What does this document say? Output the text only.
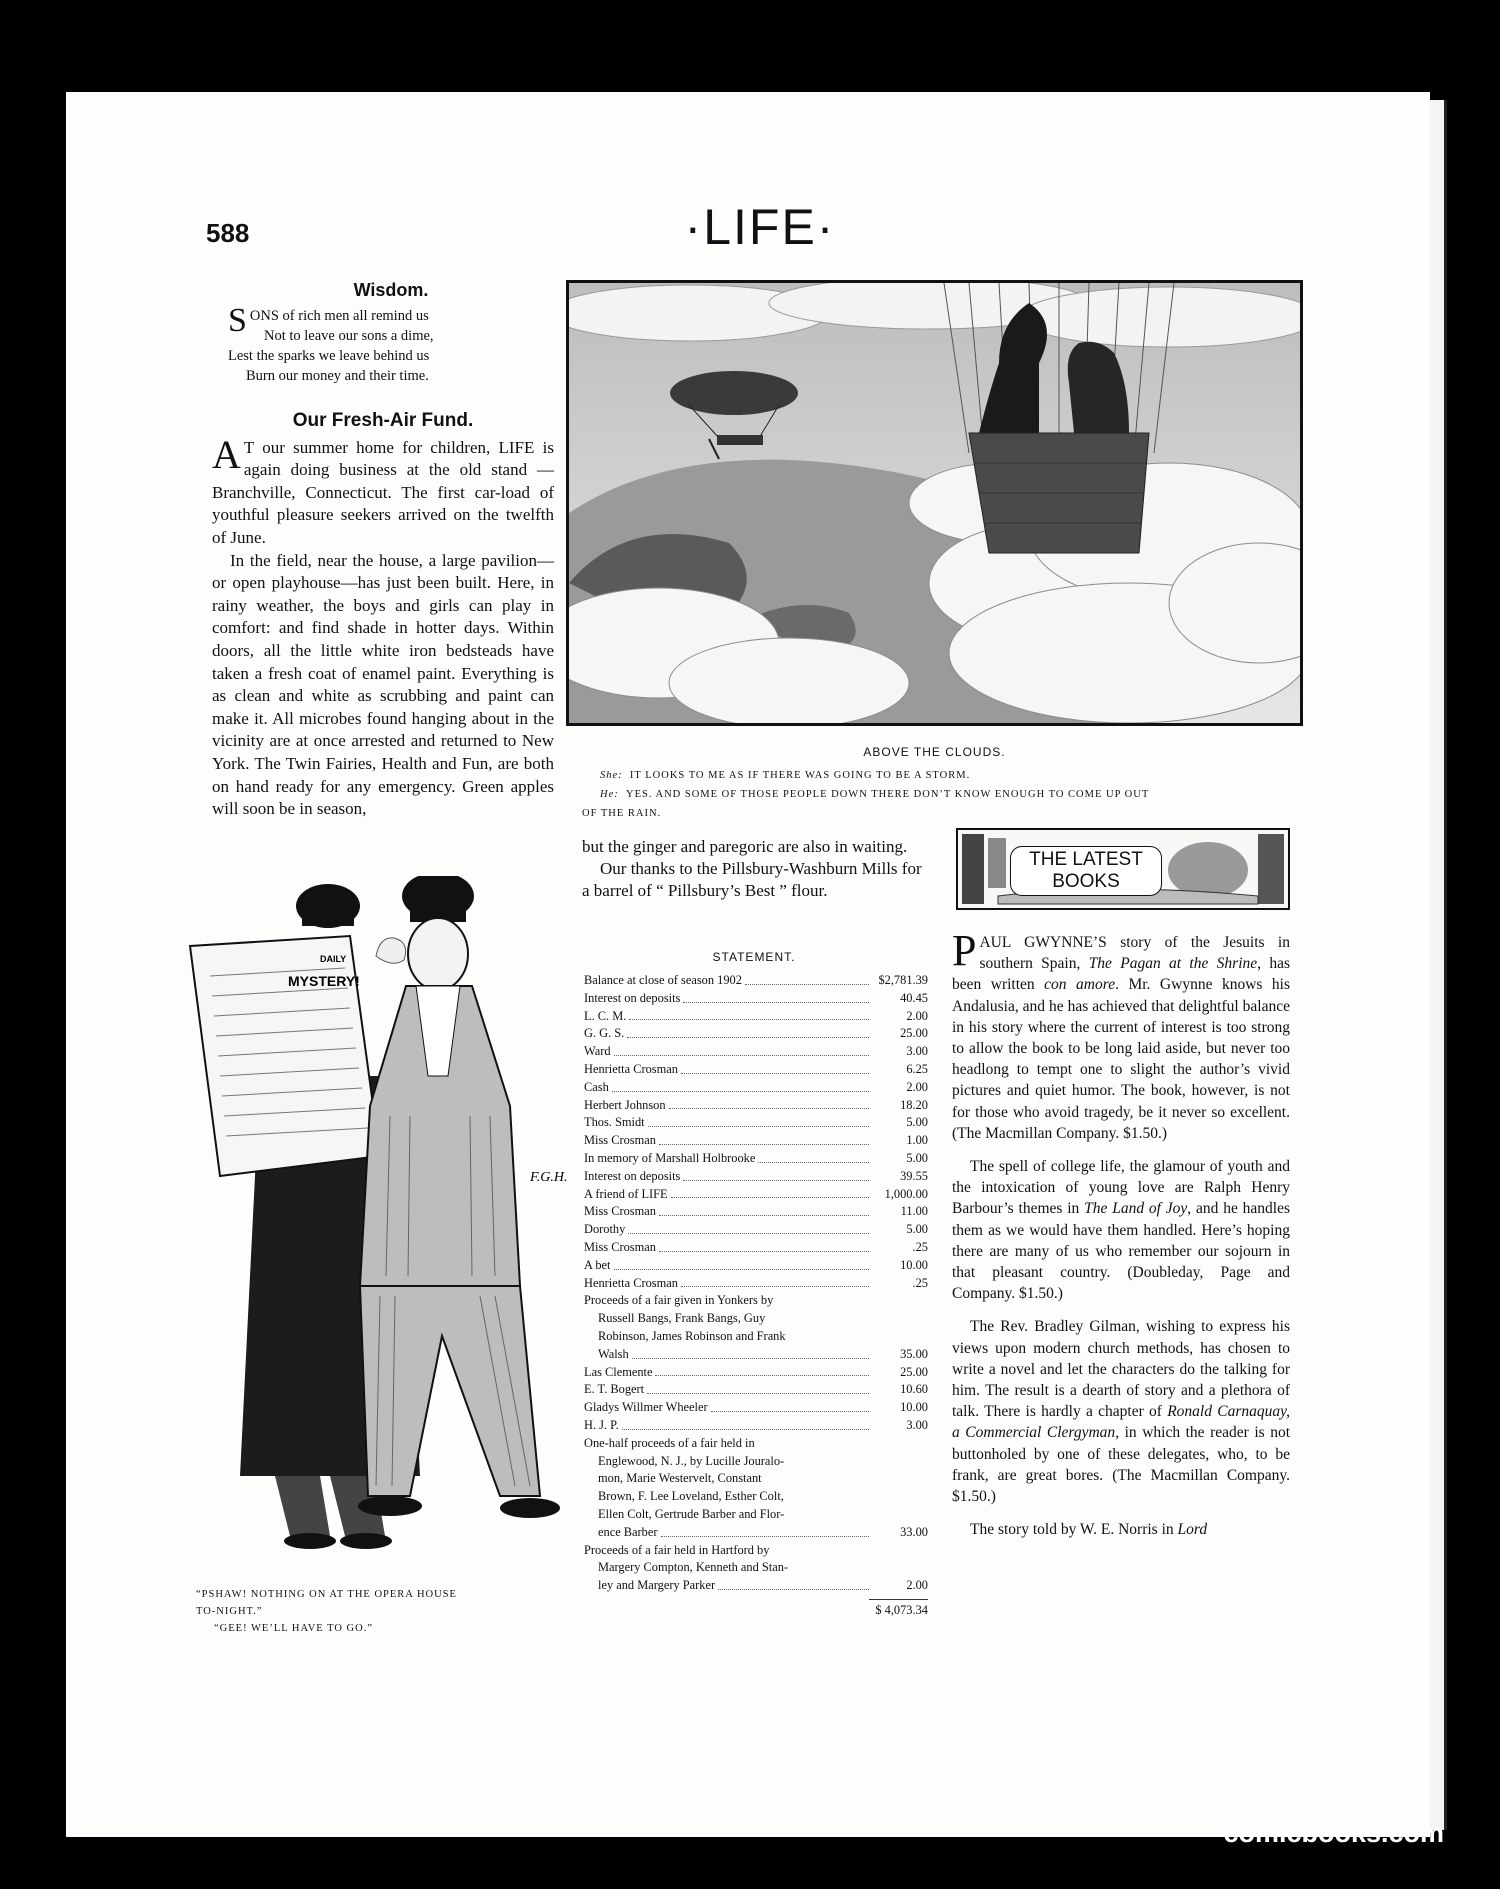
588	·LIFE·
Wisdom.
S ONS of rich men all remind us
Not to leave our sons a dime,
Lest the sparks we leave behind us
Burn our money and their time.
Our Fresh-Air Fund.

A T our summer home for children, LIFE is again doing business at the old stand — Branchville, Connecticut. The first car-load of youthful pleasure seekers arrived on the twelfth of June.

In the field, near the house, a large pavilion—or open playhouse—has just been built. Here, in rainy weather, the boys and girls can play in comfort: and find shade in hotter days. Within doors, all the little white iron bedsteads have taken a fresh coat of enamel paint. Everything is as clean and white as scrubbing and paint can make it. All microbes found hanging about in the vicinity are at once arrested and returned to New York. The Twin Fairies, Health and Fun, are both on hand ready for any emergency. Green apples will soon be in season,

but the ginger and paregoric are also in waiting.

Our thanks to the Pillsbury-Washburn Mills for a barrel of “ Pillsbury’s Best ” flour.

STATEMENT.
Balance at close of season 1902	$2,781.39
Interest on deposits	40.45
L. C. M.	2.00
G. G. S.	25.00
Ward	3.00
Henrietta Crosman	6.25
Cash	2.00
Herbert Johnson	18.20
Thos. Smidt	5.00
Miss Crosman	1.00
In memory of Marshall Holbrooke	5.00
Interest on deposits	39.55
A friend of LIFE	1,000.00
Miss Crosman	11.00
Dorothy	5.00
Miss Crosman	.25
A bet	10.00
Henrietta Crosman	.25
Proceeds of a fair given in Yonkers by
Russell Bangs, Frank Bangs, Guy
Robinson, James Robinson and Frank
Walsh	35.00
Las Clemente	25.00
E. T. Bogert	10.60
Gladys Willmer Wheeler	10.00
H. J. P.	3.00
One-half proceeds of a fair held in
Englewood, N. J., by Lucille Jouralo-
mon, Marie Westervelt, Constant
Brown, F. Lee Loveland, Esther Colt,
Ellen Colt, Gertrude Barber and Flor-
ence Barber	33.00
Proceeds of a fair held in Hartford by
Margery Compton, Kenneth and Stan-
ley and Margery Parker	2.00
$ 4,073.34
ABOVE THE CLOUDS.
She: IT LOOKS TO ME AS IF THERE WAS GOING TO BE A STORM.
He: YES. AND SOME OF THOSE PEOPLE DOWN THERE DON’T KNOW ENOUGH TO COME UP OUT
OF THE RAIN.
THE LATEST BOOKS

PAUL GWYNNE’S story of the Jesuits in southern Spain, The Pagan at the Shrine, has been written con amore. Mr. Gwynne knows his Andalusia, and he has achieved that delightful balance in his story where the current of interest is too strong to allow the book to be long laid aside, but never too headlong to tempt one to slight the author’s vivid pictures and quiet humor. The book, however, is not for those who avoid tragedy, be it never so excellent. (The Macmillan Company. $1.50.)

The spell of college life, the glamour of youth and the intoxication of young love are Ralph Henry Barbour’s themes in The Land of Joy, and he handles them as we would have them handled. Here’s hoping there are many of us who remember our sojourn in that pleasant country. (Doubleday, Page and Company. $1.50.)

The Rev. Bradley Gilman, wishing to express his views upon modern church methods, has chosen to write a novel and let the characters do the talking for him. The result is a dearth of story and a plethora of talk. There is hardly a chapter of Ronald Carnaquay, a Commercial Clergyman, in which the reader is not buttonholed by one of these delegates, who, to be frank, are great bores. (The Macmillan Company. $1.50.)

The story told by W. E. Norris in Lord

DAILY
MYSTERY!
F.G.H.
“PSHAW! NOTHING ON AT THE OPERA HOUSE
TO-NIGHT.”
“GEE! WE’LL HAVE TO GO.”
comicbooks.com
